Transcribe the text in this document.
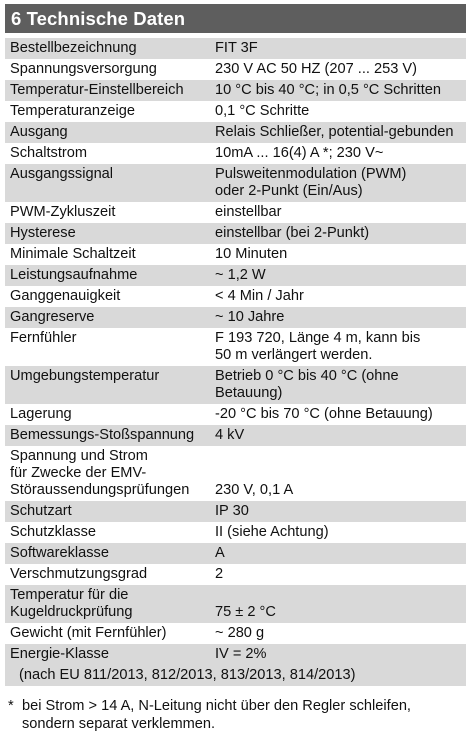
6 Technische Daten
Bestellbezeichnung	FIT 3F
Spannungsversorgung	230 V AC 50 HZ (207 ... 253 V)
Temperatur-Einstellbereich	10 °C bis 40 °C; in 0,5 °C Schritten
Temperaturanzeige	0,1 °C Schritte
Ausgang	Relais Schließer, potential-gebunden
Schaltstrom	10mA ... 16(4) A *; 230 V~
Ausgangssignal	Pulsweitenmodulation (PWM)
oder 2-Punkt (Ein/Aus)
PWM-Zykluszeit	einstellbar
Hysterese	einstellbar (bei 2-Punkt)
Minimale Schaltzeit	10 Minuten
Leistungsaufnahme	~ 1,2 W
Ganggenauigkeit	< 4 Min / Jahr
Gangreserve	~ 10 Jahre
Fernfühler	F 193 720, Länge 4 m, kann bis
50 m verlängert werden.
Umgebungstemperatur	Betrieb 0 °C bis 40 °C (ohne Betauung)
Lagerung	-20 °C bis 70 °C (ohne Betauung)
Bemessungs-Stoßspannung	4 kV
Spannung und Strom
für Zwecke der EMV-
Störaussendungsprüfungen	230 V, 0,1 A
Schutzart	IP 30
Schutzklasse	II (siehe Achtung)
Softwareklasse	A
Verschmutzungsgrad	2
Temperatur für die
Kugeldruckprüfung	75 ± 2 °C
Gewicht (mit Fernfühler)	~ 280 g
Energie-Klasse	IV = 2%
(nach EU 811/2013, 812/2013, 813/2013, 814/2013)
* bei Strom > 14 A, N-Leitung nicht über den Regler schleifen,
sondern separat verklemmen.
